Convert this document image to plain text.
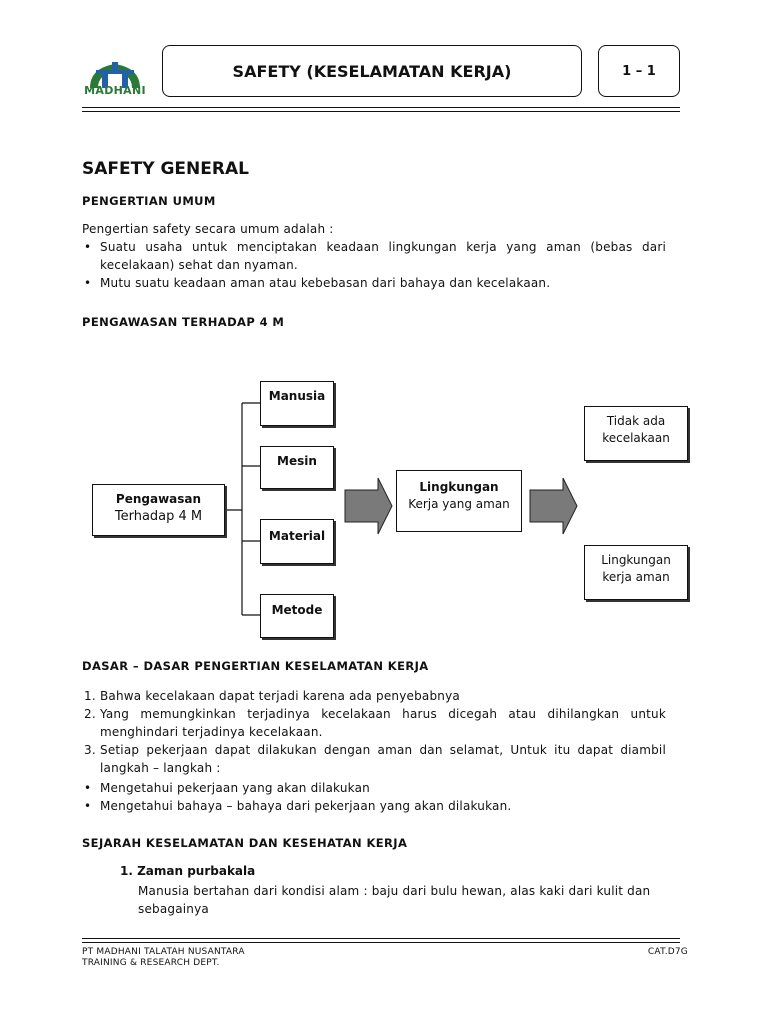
MADHANI
SAFETY (KESELAMATAN KERJA)	1 – 1
SAFETY GENERAL
PENGERTIAN UMUM
Pengertian safety secara umum adalah :
• Suatu usaha untuk menciptakan keadaan lingkungan kerja yang aman (bebas dari kecelakaan) sehat dan nyaman.
• Mutu suatu keadaan aman atau kebebasan dari bahaya dan kecelakaan.
PENGAWASAN TERHADAP 4 M
Pengawasan
Terhadap 4 M
Manusia
Mesin
Material
Metode
Lingkungan
Kerja yang aman
Tidak ada kecelakaan
Lingkungan kerja aman
DASAR – DASAR PENGERTIAN KESELAMATAN KERJA
1. Bahwa kecelakaan dapat terjadi karena ada penyebabnya
2. Yang memungkinkan terjadinya kecelakaan harus dicegah atau dihilangkan untuk menghindari terjadinya kecelakaan.
3. Setiap pekerjaan dapat dilakukan dengan aman dan selamat, Untuk itu dapat diambil langkah – langkah :
• Mengetahui pekerjaan yang akan dilakukan
• Mengetahui bahaya – bahaya dari pekerjaan yang akan dilakukan.
SEJARAH KESELAMATAN DAN KESEHATAN KERJA
1. Zaman purbakala
Manusia bertahan dari kondisi alam : baju dari bulu hewan, alas kaki dari kulit dan sebagainya
PT MADHANI TALATAH NUSANTARA
TRAINING & RESEARCH DEPT.
CAT.D7G
